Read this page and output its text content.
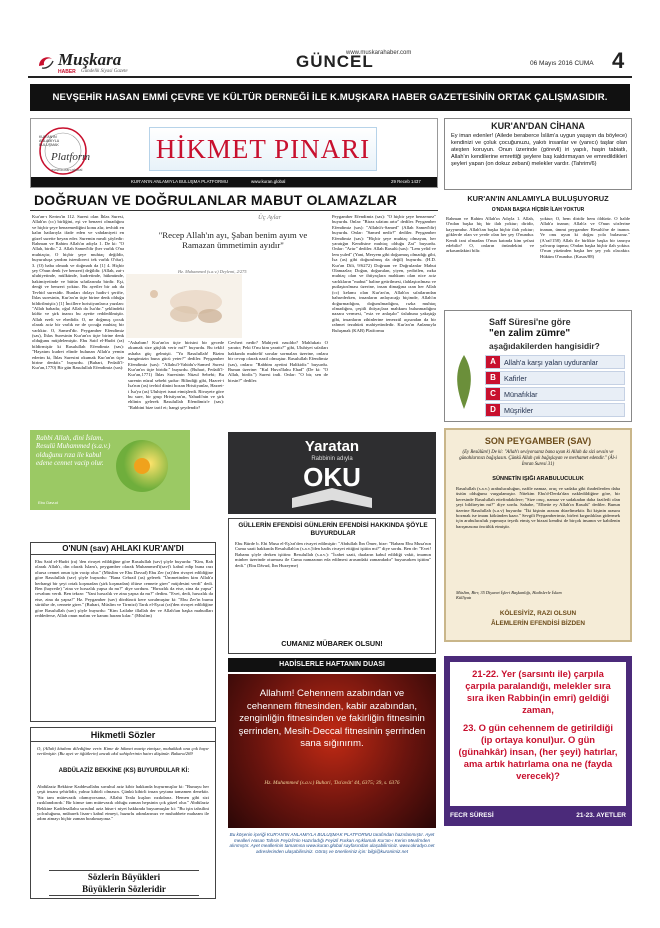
Muşkara
HABER Gündelik Siyasi Gazete
GÜNCEL
www.muskarahaber.com
06 Mayıs 2016 CUMA 4
NEVŞEHİR HASAN EMMİ ÇEVRE VE KÜLTÜR DERNEĞİ İLE K.MUŞKARA HABER GAZETESİNİN ORTAK ÇALIŞMASIDIR.
KUR'AN'IN ANLAMIYLA BULUŞMAK
Platform
www.kuran.global
HİKMET PINARI
KUR'AN'IN ANLAMIYLA BULUŞMA PLATFORMU	www.kuran.global	29 Receb 1437
DOĞRUAN VE DOĞRULANLAR MABUT OLAMAZLAR
Kur'an-ı Kerim'in 112. Suresi olan İhlas Suresi, Allah'ın (cc) birliğini, eşi ve benzeri olmadığını ve hiçbir şeye benzemediğini konu alır, tevhidi en kalın hatlarıyla ifade eden ve vahdaniyeti en güzel surette beyan eder. Suremin meali şöyledir: Rahman ve Rahim Allah'ın adıyla 1. De ki: "O Allah, birdir." 2. Allah Samed'dir (her varlık O'na muhtaçtır, O hiçbir şeye muhtaç değildir, buyuruluşa yardım isteniloreci tek varlık O'dur). 3. (O) baba olmadı ve doğmadı da [1] 4. Hiçbir şey O'nun denk (ve benzeri) değildir. (Allah, zat-ı uluhiyetinde, mülkünde, kudretinde, hükmünde, hakimiyetinde ve bütün sıfatlarında birdir. Eşi, denği ve benzeri yoktur. Bu ayetler bir adı da Tevhid suresidir. Bunları dolayı hadis-i şerifte, İhlas suresinin, Kur'an'ın üçte birine denk olduğu bildirilmiştir.) [1] İncillere hıristiyanlarca yazılan: "Allah babadır, oğul Allah da İsa'dır." şeklindeki küfür ve şirk inancı bu ayette reddedilmiştir. Allah ezeli ve ebedidir. O, ne doğmuş çocuk olarak aciz bir varlık ne de çocuğa muhtaç bir varlıktır. O, Samed'dir. Peygamber Efendimiz (sas), İhlas Suresinin Kur'an'ın üçte birine denk olduğunu müjdelemiştir. Ebu Said el-Hudri (ra) bildirmiştir ki Rasulullah Efendimiz (sas): "Hayatım kudret elinde bulunan Allah'a yemin ederim ki, İhlas Suresini okumak Kur'an'ın üçte birine denktir." buyurdu. (Buhari, Fedaili'l-Kur'an,1770) Bir gün Rasulullah Efendimiz (sas):
Üç Aylar
"Recep Allah'ın ayı, Şaban benim ayım ve Ramazan ümmetimin ayıdır"
Hz. Muhammed (s.a.v.) Deylemi, 2/275
"Ashabım! Kur'an'ın üçte birisini bir gecede okumak size güçlük verir mi?" buyurdu. Bu teklif ashaba güç gelmişti. "Ya Rasulullah! Bizim hangimizin buna gücü yeter?" dediler. Peygamber Efendimiz (sas): "Allahu'l-Vahidu's-Samed Suresi Kur'an'ın üçte biridir." buyurdu. (Buhari, Fedaili'l-Kur'an,1771) İhlas Suresinin Nüzul Sebebi; Bu surenin nüzul sebebi şudur: Bilindiği gibi, Hazret-i İsa'nın (as) tevhid dinini bozan Hristiyanlar, Hazret-i İsa'ya (as) Uluhiyet isnat etmişlerdi. Rivayete göre bu sure, bir grup Hristiyan'ın, Yahudi'nin ve şirk ehlinin gelerek Rasulullah Efendimiz'e (sas): "Rabbini bize tarif et; hangi şeydendir?
Cevheri nedir? Mahiyeti nasıldır? Mahlukatı O yaratır; Peki O'nu kim yarattı?" gibi, Uluhiyet sıfatları hakkında muhtelif sorular sormaları üzerine, onlara bir cevap olarak nazil olmuştur. Rasulullah Efendimiz (sas), onlara: "Rabbim ayetini Halikidir." buyurdu. Bunun üzerine: "Kul Huva'llahu Ehad" (De ki: "O Allah, birdir.") Suresi indi. Onlar: "O bir, sen de birsin?" dediler.
Peygamber Efendimiz (sas): "O hiçbir şeye benzemez" buyurdu. Onlar: "Biraz sıfatını artır" dediler. Peygamber Efendimiz (sas): "Allahü's-Samed" (Allah Samed'dir) buyurdu. Onlar: "Samed nedir?" dediler. Peygamber Efendimiz (sas): "Hiçbir şeye muhtaç olmayan, her yaratığın Kendisine muhtaç olduğu Zat" buyurdu. Onlar: "Artır" dediler. Allah Rasulü (sas): "Lem yelid ve lem yuled" (Yani, Meryem gibi doğurmuş olmadığı gibi, İsa (as) gibi doğurulmuş da değil) buyurdu. (H.D. Kur'an Dili, 9/6272) Doğruan ve Doğrulanlar Mabut Olamazlar; Doğan, doğurulan, yiyen, yedirilen, rızka muhtaç olan ve ihtiyaçlara mahkum olan nice aciz varlıkların "mabut" haline getirilmesi, ilahlaştırılması ve putlaştırılması üzerine, insan dimağına ızan her Allah (cc) kelamı olan Kur'an'ın, Allah'ın sıfatlarından bahsederken, insanların anlayacağı biçimde, Allah'ın doğurmadığını, doğurulmadığını, rızka muhtaç olmadığını, çeşitli ihtiyaçlara mahkum bulunmadığını nazara vermesi, "esiz ve anlaşılır" üslubuna yakıştığı gibi, insanların zihinlerine tenezzül açısından da bir rahmet tezahürü mahiyetindedir. Kur'an'ın Anlamıyla Buluşmak (KAB) Platformu
Rabbi Allah, dini İslam, Resulü Muhammed (s.a.v.) olduğunu rıza ile kabul edene cennet vacip olur.
Ebu Davud
O'NUN (sav) AHLAKI KUR'AN'DI
Ebu Said el-Hudri (ra) 'den rivayet edildiğine göre Rasulullah (sav) şöyle buyurdu: "Kim, Rab olarak Allah'ı, din olarak İslam'ı, peygamber olarak Muhammed'i(sav)'i kabul edip buna razı olursa cennet onun için vacip olur." (Müslim ve Ebu Davud) Ebu Zer (ra)'den rivayet edildiğine göre Rasulullah (sav) şöyle buyurdu: "Bana Cebrail (as) gelerek "Ümmetinden kim Allah'a herhangi bir şeyi ortak koşmadan (şirk koşmadan) ölürse cennete girer" müjdesini verdi" dedi. Ben (hayretle) "zina ve hırsızlık yapsa da mı?" diye sordum. "Hırsızlık da etse, zina da yapsa" cevabını verdi. Ben tekrar: "Yani hırsızlık ve zina yapsa da mı?" dedim. "Evet, dedi, hırsızlık da etse, zina da yapsa!" Hz. Peygamber (sav) dördüncü kere sorulmuştur ki: "Ebu Zer'in burnu sürtülse de, cennete girer." (Buhari, Müslim ve Tirmizi) Tarık el-Eşcai (ra)'den rivayet edildiğine göre Rasulullah (sav) şöyle buyurdu: "Kim Lailahe illallah der ve Allah'tan başka mabudları reddederse, Allah onun malını ve kanını haram kılar." (Müslim)
Hikmetli Sözler
O, (Allah) kitabını dilediğine verir. Kime de hikmet mavip etmişse, muhakkak ona çok hayır verilmiştir. (Bu ayet ve öğütlerin) ancak akıl sahiplerinin hatırı düşünür. Bakara/269
ABDÜLAZİZ BEKKİNE (KS) BUYURDULAR Kİ:
Abdülaziz Bekkine Kaddesallahu sırruhul aziz kibir hakkında buyurmuşlar ki: "Bunuyu her çeşit insanı şehirlidir, yalnız kibirli olmasın. Çünkü kibirli insan şeytana tamamen denektir. 'Siz tam mütevazik olamıyorsanız, Allahü Teala kuşları rızıkdarız. Hemen gibi sizi rızıklandırırdı.' Bir kimse tam mütevazık olduğu zaman hepsinin çok güzel olur." Abdülaziz Bekkine Kaddesallahu sırruhul aziz hüsn-i niyet hakkında buyurmuşlar ki: "Bu işin tahsilini yolculuğunu, mübarek lisan-ı kabul etmeyi, huzurlu adımlarınızı ve muhabbete mahzam ile adım atmayı hiçbir zaman bırakmayınız."
Sözlerin Büyükleri
Büyüklerin Sözleridir
Yaratan
Rabbinin adıyla
OKU
GÜLLERİN EFENDİSİ GÜNLERİN EFENDİSİ HAKKINDA ŞÖYLE BUYURDULAR
Ebu Bürde b. Ebi Musa el-Eş'ari'den rivayet edilmiştir: "Abdullah İbn Ömer, bize: "Babam Ebu Musa'nın Cuma saati hakkında Resulullah'ın (s.a.v.)'den hadis rivayet ettiğini işittin mi?" diye sordu. Ben de: "Evet! Babamı şöyle derken işittim: Resulullah (s.a.v.): "İcabet saati, duaların kabul edildiği vakit, imamın minber üzerinde oturması ile Cuma namazının eda edilmesi arasındaki zamandadır" buyururken işittim" dedi." (Ebu Dâvud, İbn Huzeyme)
CUMANIZ MÜBAREK OLSUN!
HADİSLERLE HAFTANIN DUASI
Allahım! Cehennem azabından ve cehennem fitnesinden, kabir azabından, zenginliğin fitnesinden ve fakirliğin fitnesinin şerrinden, Mesih-Deccal fitnesinin şerrinden sana sığınırım.
Hz. Muhammed (s.a.v.) Buhari, 'Da'avât' 44, 6375; 39, s. 6376
Bu köşenin içeriği KUR'AN'IN ANLAMIYLA BULUŞMAK PLATFORMU tarafından hazırlanmıştır. Ayet mealleri Hasan Tahsin Feyizli'nin Hazırladığı Feyizli Furkan Açıklamalı Kur'an-ı Kerim Meali'nden alınmıştır. Ayet meallerinin tamamına www.kuran.global sayfasından ulaşabilirsiniz. www.okradyo.net adreslerinden ulaşabilirsiniz. Görüş ve önerileriniz için: bilgi@kuranimiz.net
KUR'AN'DAN CİHANA
Ey iman edenler! (Ailede beraberce İslâm'a uygun yaşayın da böylece) kendinizi ve çoluk çocuğunuzu, yakıtı insanlar ve (yanıcı) taşlar olan ateşten koruyun. Onun üzerinde (görevli) iri yapılı, haşin tabiatlı, Allah'ın kendilerine emrettiği şeylere baş kaldırmayan ve emredildikleri şeyleri yapan (on dokuz zebani) melekler vardır. (Tahrim/6)
KUR'AN'IN ANLAMIYLA BULUŞUYORUZ
O'NDAN BAŞKA HİÇBİR İLAH YOKTUR
Rahman ve Rahim Allah'ın Adıyla 1. Allah, O'ndan başka hiç bir ilah yoktur; diridir, kayyumdur. Allah'tan başka hiçbir ilah yoktur; göklerde olan ve yerde olan her şey O'nundur. Kendi izni olmadan O'nun katında kim şefaat edebilir? O, onların önündekini ve arkasındakini bilir.
yoktur; O, hem diridir hem öldürür. O halde Allah'a inanın; Allah'a ve O'nun sözlerine inanan, ümmi peygamber Resulü'ne de inanın. Ve onu uyun ki doğru yola bulasınız." (A'raf/158) Allah ile birlikte başka bir tanrıya yalvarıp tapma; O'ndan başka hiçbir ilah yoktur. O'nun yüzünden başka her şey yok olacaktır. Hüküm O'nundur. (Kasas/88)
Saff Süresi'ne göre
"en zalim zümre"
aşağıdakilerden hangisidir?
A	Allah'a karşı yalan uyduranlar
B	Kafirler
C	Münafıklar
D	Müşrikler
SON PEYGAMBER (SAV)
(Ey Resûlüm!) De ki: "Allah'ı seviyorsanız bana uyun ki Allah da sizi sevsin ve günahlarınızı bağışlasın. Çünkü Allah çok bağışlayan ve merhamet edendir." (Âl-i İmran Suresi 31)
SÜNNETİN IŞIĞI ARABULUCULUK
Rasulullah (s.a.v.) arabuluculuğun, nafile namaz, oruç ve sadaka gibi ibadetlerden daha üstün olduğunu vurgulamıştır. Nitekim Ebu'd-Derda'dan nakledildiğine göre, bir keresinde Rasulullah ettefindakilere; "Size oruç, namaz ve sadakadan daha faziletli olan şeyi bildireyim mi?" diye sordu. Sahabe, "Elbette ey Allah'ın Rasulü" dediler. Bunun üzerine Rasulullah (s.a.v) buyurdu: "İki kişinin arasını düzeltmektir. İki kişinin arasını bozmak ise imanı kökünden kazır." Sevgili Peygamberimiz, birleri kırgınlıkları gidermek için arabuluculuk yapmaya teşvik etmiş ve bizzat kendisi de birçok insanın ve kabilenin barışmasına öncülük etmiştir.
Müslim, Birr, 35 Diyanet İşleri Başkanlığı, Hadislerle İslam Külliyatı
KÖLESİYİZ, RAZI OLSUN
ÂLEMLERİN EFENDİSİ BİZDEN
21-22. Yer (sarsıntı ile) çarpıla çarpıla paralandığı, melekler sıra sıra iken Rabbin(in emri) geldiği zaman,
23. O gün cehennem de getirildiği (ip ortaya konul)ur. O gün (günahkâr) insan, (her şeyi) hatırlar, ama artık hatırlama ona ne (fayda verecek)?
FECR SÜRESİ	21-23. AYETLER
